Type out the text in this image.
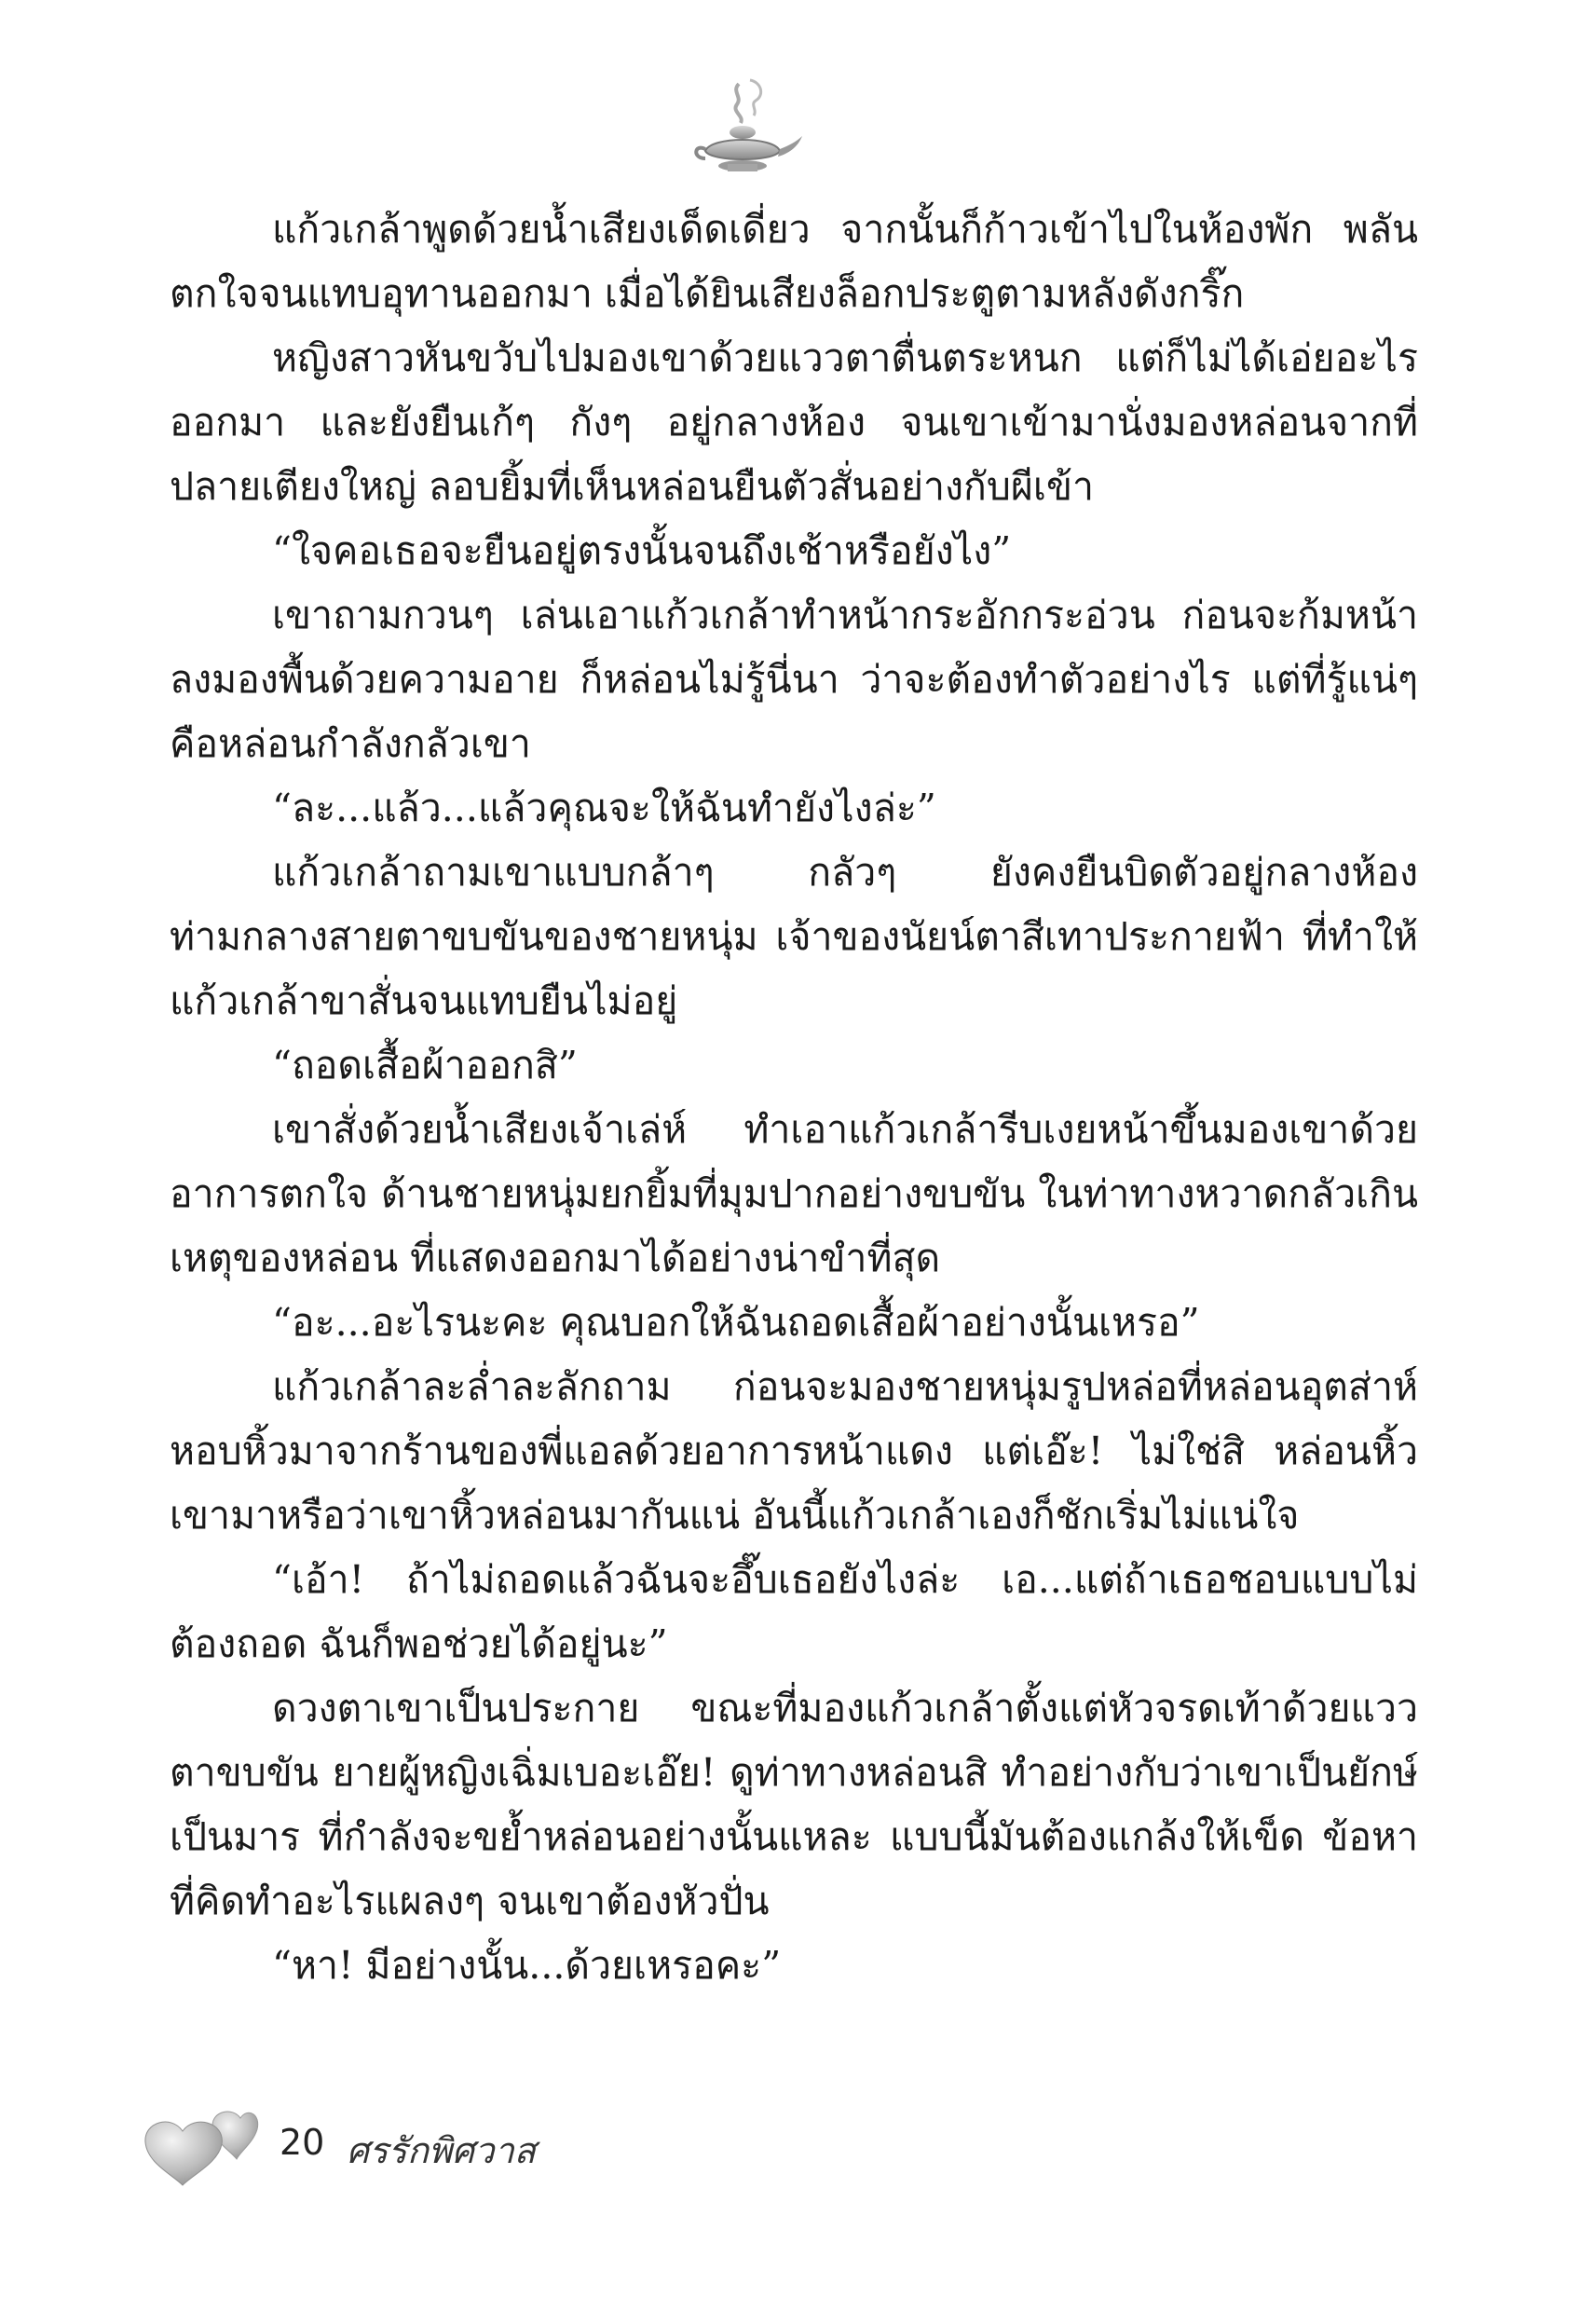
แก้วเกล้าพูดด้วยน้ำเสียงเด็ดเดี่ยว จากนั้นก็ก้าวเข้าไปในห้องพัก พลันตกใจจนแทบอุทานออกมา เมื่อได้ยินเสียงล็อกประตูตามหลังดังกริ๊ก

หญิงสาวหันขวับไปมองเขาด้วยแววตาตื่นตระหนก แต่ก็ไม่ได้เอ่ยอะไรออกมา และยังยืนเก้ๆ กังๆ อยู่กลางห้อง จนเขาเข้ามานั่งมองหล่อนจากที่ปลายเตียงใหญ่ ลอบยิ้มที่เห็นหล่อนยืนตัวสั่นอย่างกับผีเข้า

“ใจคอเธอจะยืนอยู่ตรงนั้นจนถึงเช้าหรือยังไง”

เขาถามกวนๆ เล่นเอาแก้วเกล้าทำหน้ากระอักกระอ่วน ก่อนจะก้มหน้าลงมองพื้นด้วยความอาย ก็หล่อนไม่รู้นี่นา ว่าจะต้องทำตัวอย่างไร แต่ที่รู้แน่ๆ คือหล่อนกำลังกลัวเขา

“ละ...แล้ว...แล้วคุณจะให้ฉันทำยังไงล่ะ”

แก้วเกล้าถามเขาแบบกล้าๆ กลัวๆ ยังคงยืนบิดตัวอยู่กลางห้อง ท่ามกลางสายตาขบขันของชายหนุ่ม เจ้าของนัยน์ตาสีเทาประกายฟ้า ที่ทำให้แก้วเกล้าขาสั่นจนแทบยืนไม่อยู่

“ถอดเสื้อผ้าออกสิ”

เขาสั่งด้วยน้ำเสียงเจ้าเล่ห์ ทำเอาแก้วเกล้ารีบเงยหน้าขึ้นมองเขาด้วยอาการตกใจ ด้านชายหนุ่มยกยิ้มที่มุมปากอย่างขบขัน ในท่าทางหวาดกลัวเกินเหตุของหล่อน ที่แสดงออกมาได้อย่างน่าขำที่สุด

“อะ...อะไรนะคะ คุณบอกให้ฉันถอดเสื้อผ้าอย่างนั้นเหรอ”

แก้วเกล้าละล่ำละลักถาม ก่อนจะมองชายหนุ่มรูปหล่อที่หล่อนอุตส่าห์หอบหิ้วมาจากร้านของพี่แอลด้วยอาการหน้าแดง แต่เอ๊ะ! ไม่ใช่สิ หล่อนหิ้วเขามาหรือว่าเขาหิ้วหล่อนมากันแน่ อันนี้แก้วเกล้าเองก็ชักเริ่มไม่แน่ใจ

“เอ้า! ถ้าไม่ถอดแล้วฉันจะอึ๊บเธอยังไงล่ะ เอ...แต่ถ้าเธอชอบแบบไม่ต้องถอด ฉันก็พอช่วยได้อยู่นะ”

ดวงตาเขาเป็นประกาย ขณะที่มองแก้วเกล้าตั้งแต่หัวจรดเท้าด้วยแววตาขบขัน ยายผู้หญิงเฉิ่มเบอะเอ๊ย! ดูท่าทางหล่อนสิ ทำอย่างกับว่าเขาเป็นยักษ์เป็นมาร ที่กำลังจะขย้ำหล่อนอย่างนั้นแหละ แบบนี้มันต้องแกล้งให้เข็ด ข้อหาที่คิดทำอะไรแผลงๆ จนเขาต้องหัวปั่น

“หา! มีอย่างนั้น...ด้วยเหรอคะ”

20 ศรรักพิศวาส
